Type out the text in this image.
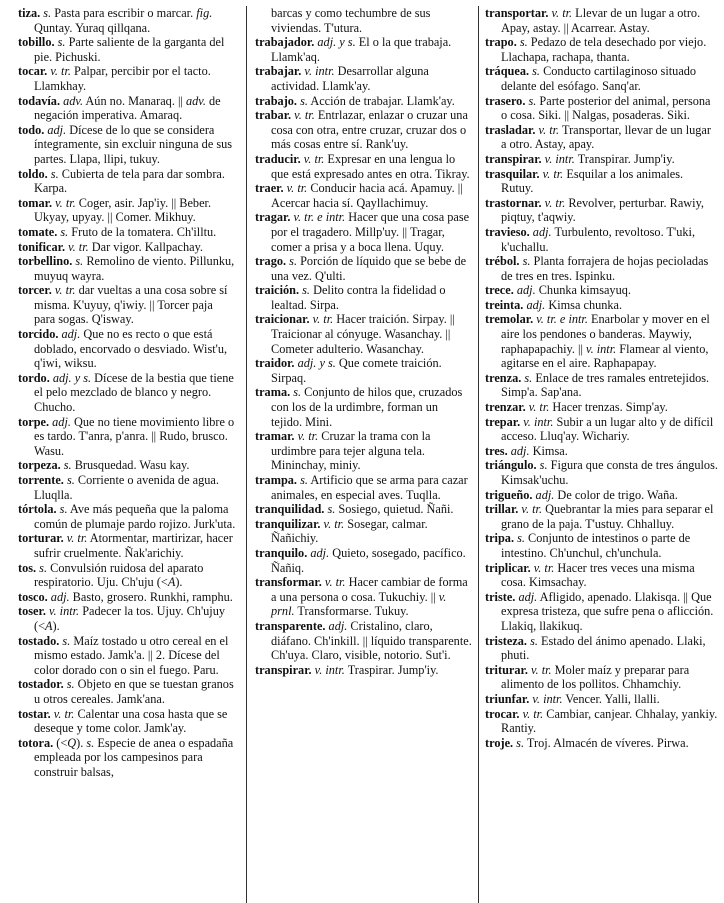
tiza. s. Pasta para escribir o marcar. fig. Quntay. Yuraq qillqana.

tobillo. s. Parte saliente de la garganta del pie. Pichuski.

tocar. v. tr. Palpar, percibir por el tacto. Llamkhay.

todavía. adv. Aún no. Manaraq. || adv. de negación imperativa. Amaraq.

todo. adj. Dícese de lo que se considera íntegramente, sin excluir ninguna de sus partes. Llapa, llipi, tukuy.

toldo. s. Cubierta de tela para dar sombra. Karpa.

tomar. v. tr. Coger, asir. Jap'iy. || Beber. Ukyay, upyay. || Comer. Mikhuy.

tomate. s. Fruto de la tomatera. Ch'illtu.

tonificar. v. tr. Dar vigor. Kallpachay.

torbellino. s. Remolino de viento. Pillunku, muyuq wayra.

torcer. v. tr. dar vueltas a una cosa sobre sí misma. K'uyuy, q'iwiy. || Torcer paja para sogas. Q'isway.

torcido. adj. Que no es recto o que está doblado, encorvado o desviado. Wist'u, q'iwi, wiksu.

tordo. adj. y s. Dícese de la bestia que tiene el pelo mezclado de blanco y negro. Chucho.

torpe. adj. Que no tiene movimiento libre o es tardo. T'anra, p'anra. || Rudo, brusco. Wasu.

torpeza. s. Brusquedad. Wasu kay.

torrente. s. Corriente o avenida de agua. Lluqlla.

tórtola. s. Ave más pequeña que la paloma común de plumaje pardo rojizo. Jurk'uta.

torturar. v. tr. Atormentar, martirizar, hacer sufrir cruelmente. Ñak'arichiy.

tos. s. Convulsión ruidosa del aparato respiratorio. Uju. Ch'uju (<A).

tosco. adj. Basto, grosero. Runkhi, ramphu.

toser. v. intr. Padecer la tos. Ujuy. Ch'ujuy (<A).

tostado. s. Maíz tostado u otro cereal en el mismo estado. Jamk'a. || 2. Dícese del color dorado con o sin el fuego. Paru.

tostador. s. Objeto en que se tuestan granos u otros cereales. Jamk'ana.

tostar. v. tr. Calentar una cosa hasta que se deseque y tome color. Jamk'ay.

totora. (<Q). s. Especie de anea o espadaña empleada por los campesinos para construir balsas,

barcas y como techumbre de sus viviendas. T'utura.

trabajador. adj. y s. El o la que trabaja. Llamk'aq.

trabajar. v. intr. Desarrollar alguna actividad. Llamk'ay.

trabajo. s. Acción de trabajar. Llamk'ay.

trabar. v. tr. Entrlazar, enlazar o cruzar una cosa con otra, entre cruzar, cruzar dos o más cosas entre sí. Rank'uy.

traducir. v. tr. Expresar en una lengua lo que está expresado antes en otra. Tikray.

traer. v. tr. Conducir hacia acá. Apamuy. || Acercar hacia sí. Qayllachimuy.

tragar. v. tr. e intr. Hacer que una cosa pase por el tragadero. Millp'uy. || Tragar, comer a prisa y a boca llena. Uquy.

trago. s. Porción de líquido que se bebe de una vez. Q'ulti.

traición. s. Delito contra la fidelidad o lealtad. Sirpa.

traicionar. v. tr. Hacer traición. Sirpay. || Traicionar al cónyuge. Wasanchay. || Cometer adulterio. Wasanchay.

traidor. adj. y s. Que comete traición. Sirpaq.

trama. s. Conjunto de hilos que, cruzados con los de la urdimbre, forman un tejido. Mini.

tramar. v. tr. Cruzar la trama con la urdimbre para tejer alguna tela. Mininchay, miniy.

trampa. s. Artificio que se arma para cazar animales, en especial aves. Tuqlla.

tranquilidad. s. Sosiego, quietud. Ñañi.

tranquilizar. v. tr. Sosegar, calmar. Ñañichiy.

tranquilo. adj. Quieto, sosegado, pacífico. Ñañiq.

transformar. v. tr. Hacer cambiar de forma a una persona o cosa. Tukuchiy. || v. prnl. Transformarse. Tukuy.

transparente. adj. Cristalino, claro, diáfano. Ch'inkill. || líquido transparente. Ch'uya. Claro, visible, notorio. Sut'i.

transpirar. v. intr. Traspirar. Jump'iy.

transportar. v. tr. Llevar de un lugar a otro. Apay, astay. || Acarrear. Astay.

trapo. s. Pedazo de tela desechado por viejo. Llachapa, rachapa, thanta.

tráquea. s. Conducto cartilaginoso situado delante del esófago. Sanq'ar.

trasero. s. Parte posterior del animal, persona o cosa. Siki. || Nalgas, posaderas. Siki.

trasladar. v. tr. Transportar, llevar de un lugar a otro. Astay, apay.

transpirar. v. intr. Transpirar. Jump'iy.

trasquilar. v. tr. Esquilar a los animales. Rutuy.

trastornar. v. tr. Revolver, perturbar. Rawiy, piqtuy, t'aqwiy.

travieso. adj. Turbulento, revoltoso. T'uki, k'uchallu.

trébol. s. Planta forrajera de hojas pecioladas de tres en tres. Ispinku.

trece. adj. Chunka kimsayuq.

treinta. adj. Kimsa chunka.

tremolar. v. tr. e intr. Enarbolar y mover en el aire los pendones o banderas. Maywiy, raphapapachiy. || v. intr. Flamear al viento, agitarse en el aire. Raphapapay.

trenza. s. Enlace de tres ramales entretejidos. Simp'a. Sap'ana.

trenzar. v. tr. Hacer trenzas. Simp'ay.

trepar. v. intr. Subir a un lugar alto y de difícil acceso. Lluq'ay. Wichariy.

tres. adj. Kimsa.

triángulo. s. Figura que consta de tres ángulos. Kimsak'uchu.

trigueño. adj. De color de trigo. Waña.

trillar. v. tr. Quebrantar la mies para separar el grano de la paja. T'ustuy. Chhalluy.

tripa. s. Conjunto de intestinos o parte de intestino. Ch'unchul, ch'unchula.

triplicar. v. tr. Hacer tres veces una misma cosa. Kimsachay.

triste. adj. Afligido, apenado. Llakisqa. || Que expresa tristeza, que sufre pena o aflicción. Llakiq, llakikuq.

tristeza. s. Estado del ánimo apenado. Llaki, phuti.

triturar. v. tr. Moler maíz y preparar para alimento de los pollitos. Chhamchiy.

triunfar. v. intr. Vencer. Yalli, llalli.

trocar. v. tr. Cambiar, canjear. Chhalay, yankiy. Rantiy.

troje. s. Troj. Almacén de víveres. Pirwa.
